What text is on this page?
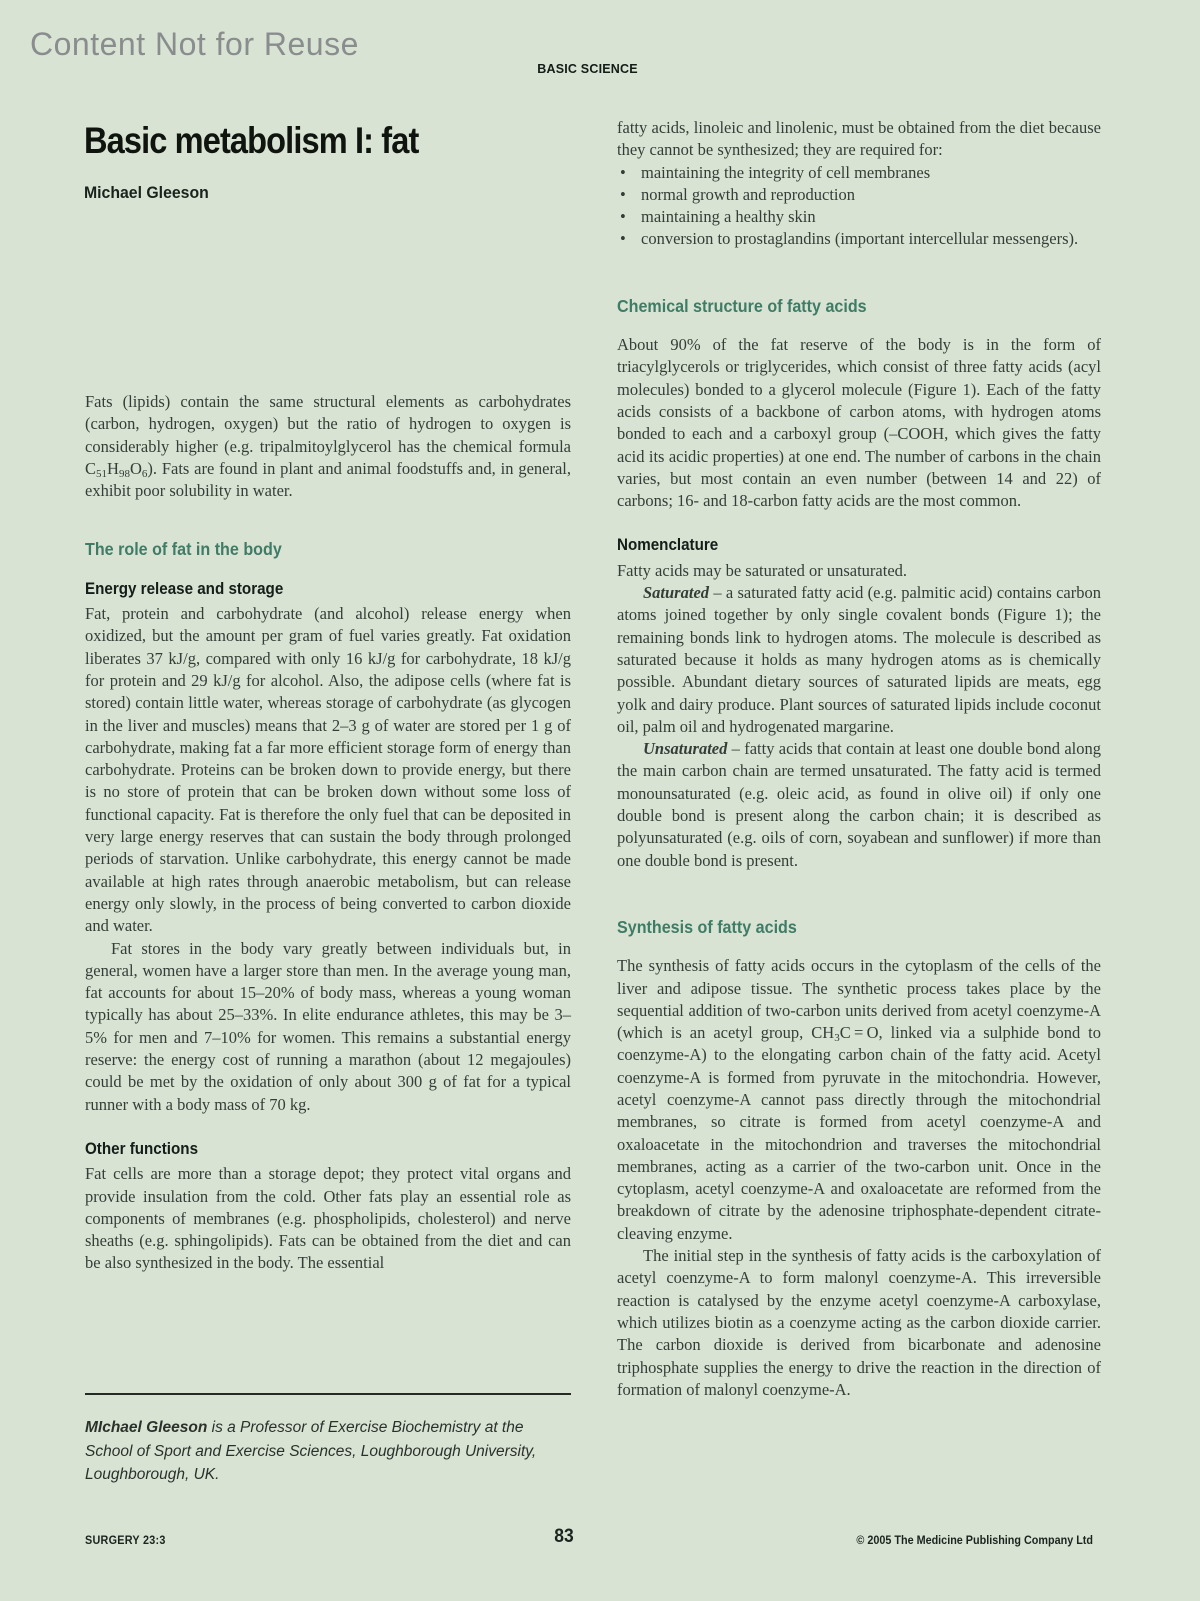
Content Not for Reuse
BASIC SCIENCE
Basic metabolism I: fat
Michael Gleeson

Fats (lipids) contain the same structural elements as carbohydrates (carbon, hydrogen, oxygen) but the ratio of hydrogen to oxygen is considerably higher (e.g. tripalmitoylglycerol has the chemical formula $C_{51}H_{98}O_6$). Fats are found in plant and animal foodstuffs and, in general, exhibit poor solubility in water.

The role of fat in the body
Energy release and storage

Fat, protein and carbohydrate (and alcohol) release energy when oxidized, but the amount per gram of fuel varies greatly. Fat oxidation liberates 37 kJ/g, compared with only 16 kJ/g for carbohydrate, 18 kJ/g for protein and 29 kJ/g for alcohol. Also, the adipose cells (where fat is stored) contain little water, whereas storage of carbohydrate (as glycogen in the liver and muscles) means that 2–3 g of water are stored per 1 g of carbohydrate, making fat a far more efficient storage form of energy than carbohydrate. Proteins can be broken down to provide energy, but there is no store of protein that can be broken down without some loss of functional capacity. Fat is therefore the only fuel that can be deposited in very large energy reserves that can sustain the body through prolonged periods of starvation. Unlike carbohydrate, this energy cannot be made available at high rates through anaerobic metabolism, but can release energy only slowly, in the process of being converted to carbon dioxide and water.

Fat stores in the body vary greatly between individuals but, in general, women have a larger store than men. In the average young man, fat accounts for about 15–20% of body mass, whereas a young woman typically has about 25–33%. In elite endurance athletes, this may be 3–5% for men and 7–10% for women. This remains a substantial energy reserve: the energy cost of running a marathon (about 12 megajoules) could be met by the oxidation of only about 300 g of fat for a typical runner with a body mass of 70 kg.

Other functions

Fat cells are more than a storage depot; they protect vital organs and provide insulation from the cold. Other fats play an essential role as components of membranes (e.g. phospholipids, cholesterol) and nerve sheaths (e.g. sphingolipids). Fats can be obtained from the diet and can be also synthesized in the body. The essential

fatty acids, linoleic and linolenic, must be obtained from the diet because they cannot be synthesized; they are required for:

• maintaining the integrity of cell membranes
• normal growth and reproduction
• maintaining a healthy skin
• conversion to prostaglandins (important intercellular messengers).
Chemical structure of fatty acids

About 90% of the fat reserve of the body is in the form of triacylglycerols or triglycerides, which consist of three fatty acids (acyl molecules) bonded to a glycerol molecule (Figure 1). Each of the fatty acids consists of a backbone of carbon atoms, with hydrogen atoms bonded to each and a carboxyl group (–COOH, which gives the fatty acid its acidic properties) at one end. The number of carbons in the chain varies, but most contain an even number (between 14 and 22) of carbons; 16- and 18-carbon fatty acids are the most common.

Nomenclature

Fatty acids may be saturated or unsaturated.

Saturated – a saturated fatty acid (e.g. palmitic acid) contains carbon atoms joined together by only single covalent bonds (Figure 1); the remaining bonds link to hydrogen atoms. The molecule is described as saturated because it holds as many hydrogen atoms as is chemically possible. Abundant dietary sources of saturated lipids are meats, egg yolk and dairy produce. Plant sources of saturated lipids include coconut oil, palm oil and hydrogenated margarine.

Unsaturated – fatty acids that contain at least one double bond along the main carbon chain are termed unsaturated. The fatty acid is termed monounsaturated (e.g. oleic acid, as found in olive oil) if only one double bond is present along the carbon chain; it is described as polyunsaturated (e.g. oils of corn, soyabean and sunflower) if more than one double bond is present.

Synthesis of fatty acids

The synthesis of fatty acids occurs in the cytoplasm of the cells of the liver and adipose tissue. The synthetic process takes place by the sequential addition of two-carbon units derived from acetyl coenzyme-A (which is an acetyl group, $CH_3C = O$, linked via a sulphide bond to coenzyme-A) to the elongating carbon chain of the fatty acid. Acetyl coenzyme-A is formed from pyruvate in the mitochondria. However, acetyl coenzyme-A cannot pass directly through the mitochondrial membranes, so citrate is formed from acetyl coenzyme-A and oxaloacetate in the mitochondrion and traverses the mitochondrial membranes, acting as a carrier of the two-carbon unit. Once in the cytoplasm, acetyl coenzyme-A and oxaloacetate are reformed from the breakdown of citrate by the adenosine triphosphate-dependent citrate-cleaving enzyme.

The initial step in the synthesis of fatty acids is the carboxylation of acetyl coenzyme-A to form malonyl coenzyme-A. This irreversible reaction is catalysed by the enzyme acetyl coenzyme-A carboxylase, which utilizes biotin as a coenzyme acting as the carbon dioxide carrier. The carbon dioxide is derived from bicarbonate and adenosine triphosphate supplies the energy to drive the reaction in the direction of formation of malonyl coenzyme-A.

MIchael Gleeson is a Professor of Exercise Biochemistry at the School of Sport and Exercise Sciences, Loughborough University, Loughborough, UK.
SURGERY 23:3	83	© 2005 The Medicine Publishing Company Ltd
